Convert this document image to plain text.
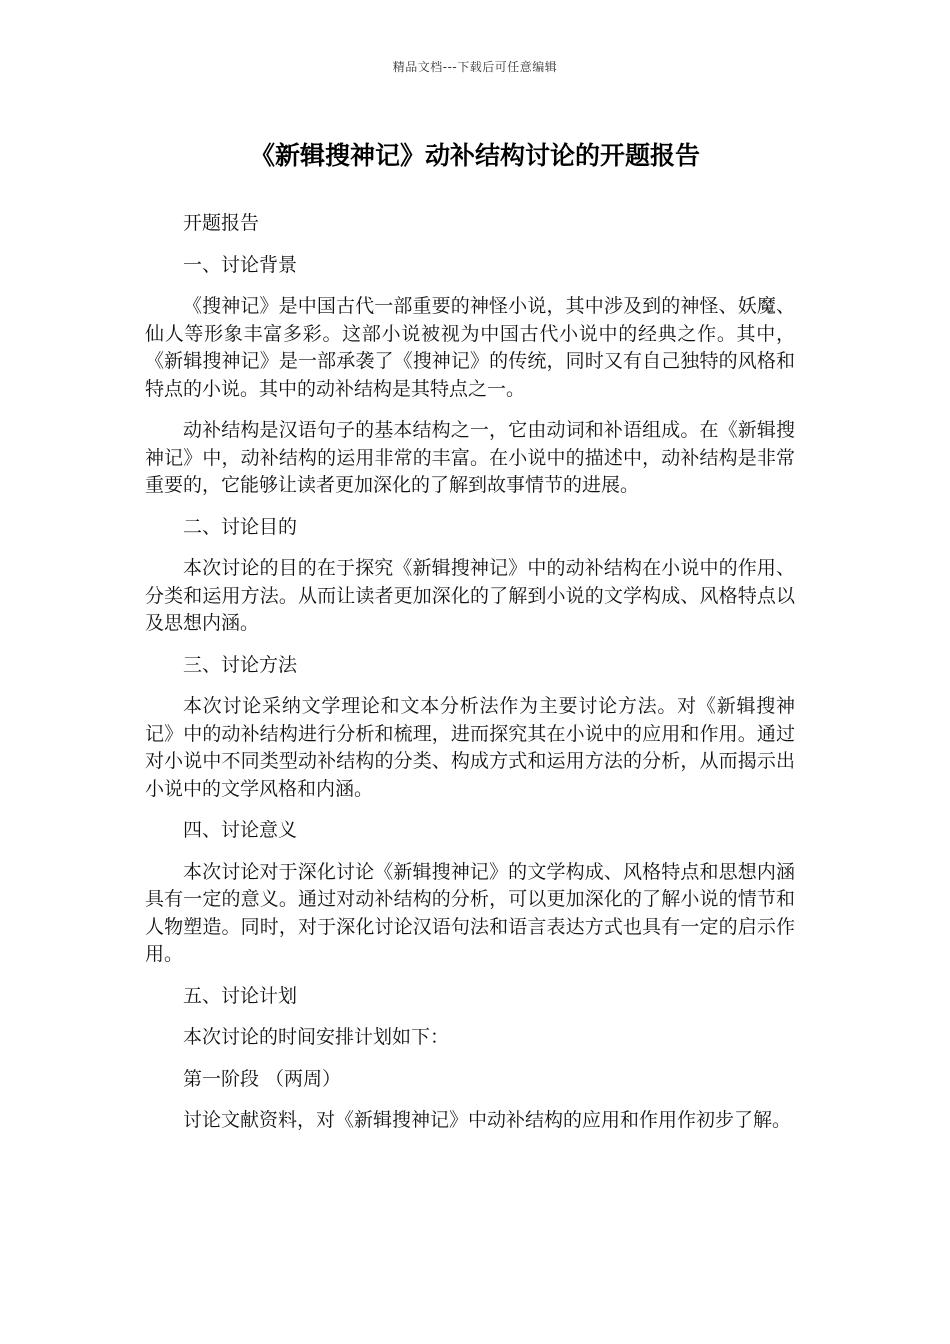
精品文档---下载后可任意编辑
《新辑搜神记》动补结构讨论的开题报告

开题报告

一、讨论背景

《搜神记》是中国古代一部重要的神怪小说，其中涉及到的神怪、妖魔、仙人等形象丰富多彩。这部小说被视为中国古代小说中的经典之作。其中，《新辑搜神记》是一部承袭了《搜神记》的传统，同时又有自己独特的风格和特点的小说。其中的动补结构是其特点之一。

动补结构是汉语句子的基本结构之一，它由动词和补语组成。在《新辑搜神记》中，动补结构的运用非常的丰富。在小说中的描述中，动补结构是非常重要的，它能够让读者更加深化的了解到故事情节的进展。

二、讨论目的

本次讨论的目的在于探究《新辑搜神记》中的动补结构在小说中的作用、分类和运用方法。从而让读者更加深化的了解到小说的文学构成、风格特点以及思想内涵。

三、讨论方法

本次讨论采纳文学理论和文本分析法作为主要讨论方法。对《新辑搜神记》中的动补结构进行分析和梳理，进而探究其在小说中的应用和作用。通过对小说中不同类型动补结构的分类、构成方式和运用方法的分析，从而揭示出小说中的文学风格和内涵。

四、讨论意义

本次讨论对于深化讨论《新辑搜神记》的文学构成、风格特点和思想内涵具有一定的意义。通过对动补结构的分析，可以更加深化的了解小说的情节和人物塑造。同时，对于深化讨论汉语句法和语言表达方式也具有一定的启示作用。

五、讨论计划

本次讨论的时间安排计划如下：

第一阶段 （两周）

讨论文献资料，对《新辑搜神记》中动补结构的应用和作用作初步了解。
